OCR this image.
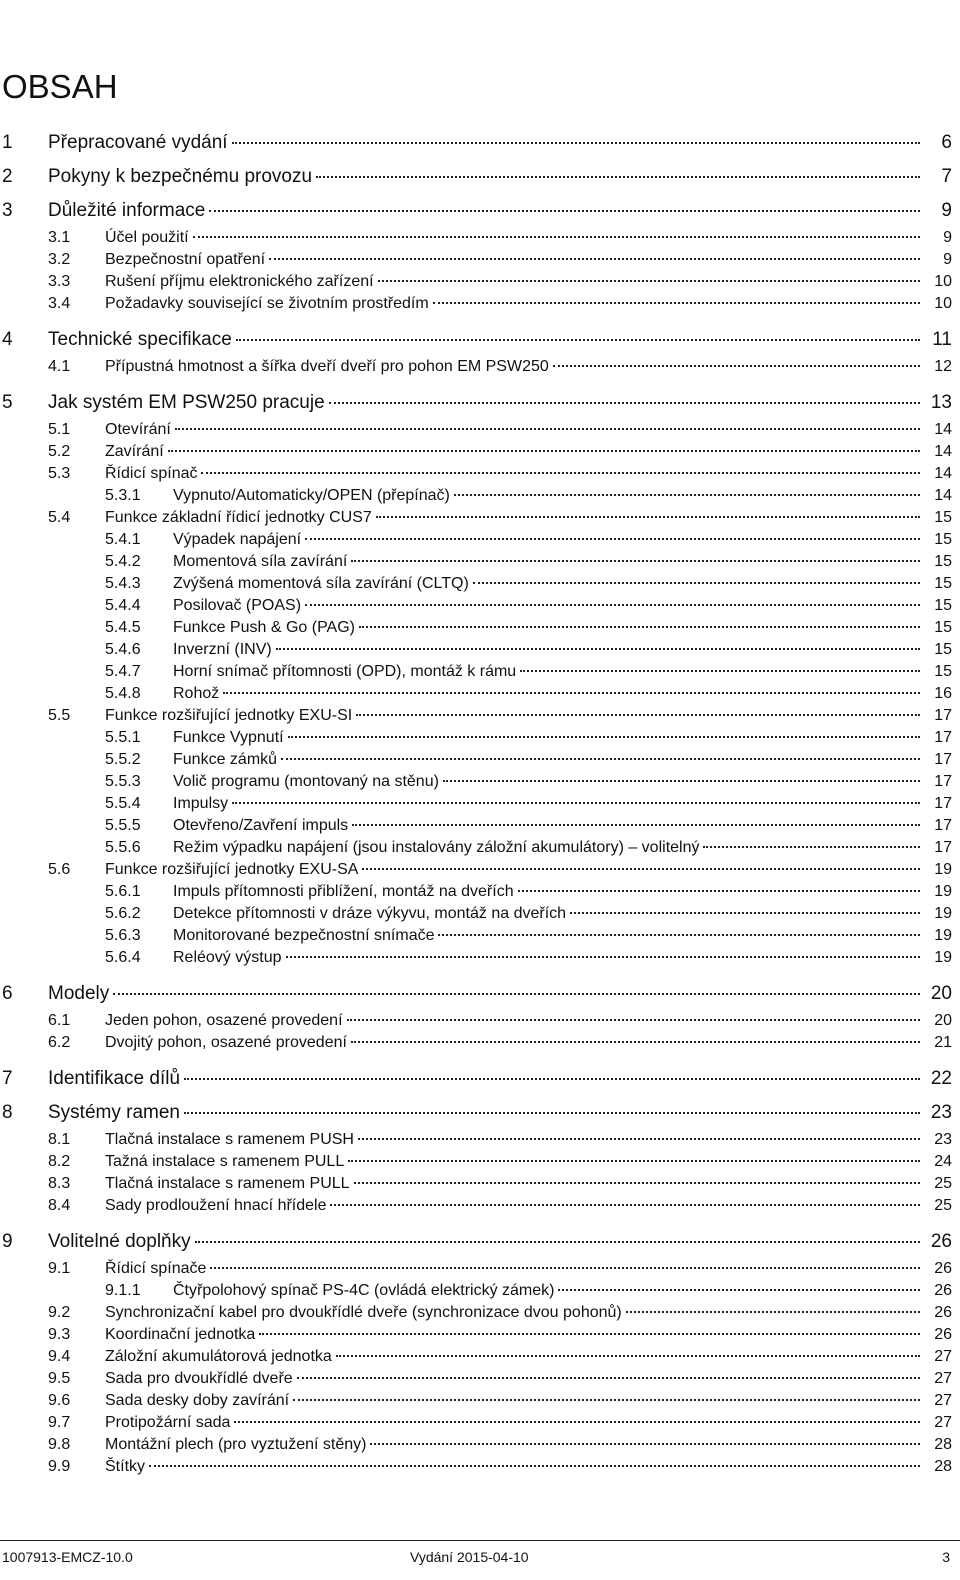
OBSAH
1	Přepracované vydání	6
2	Pokyny k bezpečnému provozu	7
3	Důležité informace	9
3.1	Účel použití	9
3.2	Bezpečnostní opatření	9
3.3	Rušení příjmu elektronického zařízení	10
3.4	Požadavky související se životním prostředím	10
4	Technické specifikace	11
4.1	Přípustná hmotnost a šířka dveří dveří pro pohon EM PSW250	12
5	Jak systém EM PSW250 pracuje	13
5.1	Otevírání	14
5.2	Zavírání	14
5.3	Řídicí spínač	14
5.3.1	Vypnuto/Automaticky/OPEN (přepínač)	14
5.4	Funkce základní řídicí jednotky CUS7	15
5.4.1	Výpadek napájení	15
5.4.2	Momentová síla zavírání	15
5.4.3	Zvýšená momentová síla zavírání (CLTQ)	15
5.4.4	Posilovač (POAS)	15
5.4.5	Funkce Push & Go (PAG)	15
5.4.6	Inverzní (INV)	15
5.4.7	Horní snímač přítomnosti (OPD), montáž k rámu	15
5.4.8	Rohož	16
5.5	Funkce rozšiřující jednotky EXU-SI	17
5.5.1	Funkce Vypnutí	17
5.5.2	Funkce zámků	17
5.5.3	Volič programu (montovaný na stěnu)	17
5.5.4	Impulsy	17
5.5.5	Otevřeno/Zavření impuls	17
5.5.6	Režim výpadku napájení (jsou instalovány záložní akumulátory) – volitelný	17
5.6	Funkce rozšiřující jednotky EXU-SA	19
5.6.1	Impuls přítomnosti přiblížení, montáž na dveřích	19
5.6.2	Detekce přítomnosti v dráze výkyvu, montáž na dveřích	19
5.6.3	Monitorované bezpečnostní snímače	19
5.6.4	Reléový výstup	19
6	Modely	20
6.1	Jeden pohon, osazené provedení	20
6.2	Dvojitý pohon, osazené provedení	21
7	Identifikace dílů	22
8	Systémy ramen	23
8.1	Tlačná instalace s ramenem PUSH	23
8.2	Tažná instalace s ramenem PULL	24
8.3	Tlačná instalace s ramenem PULL	25
8.4	Sady prodloužení hnací hřídele	25
9	Volitelné doplňky	26
9.1	Řídicí spínače	26
9.1.1	Čtyřpolohový spínač PS-4C (ovládá elektrický zámek)	26
9.2	Synchronizační kabel pro dvoukřídlé dveře (synchronizace dvou pohonů)	26
9.3	Koordinační jednotka	26
9.4	Záložní akumulátorová jednotka	27
9.5	Sada pro dvoukřídlé dveře	27
9.6	Sada desky doby zavírání	27
9.7	Protipožární sada	27
9.8	Montážní plech (pro vyztužení stěny)	28
9.9	Štítky	28
1007913-EMCZ-10.0	Vydání 2015-04-10	3
